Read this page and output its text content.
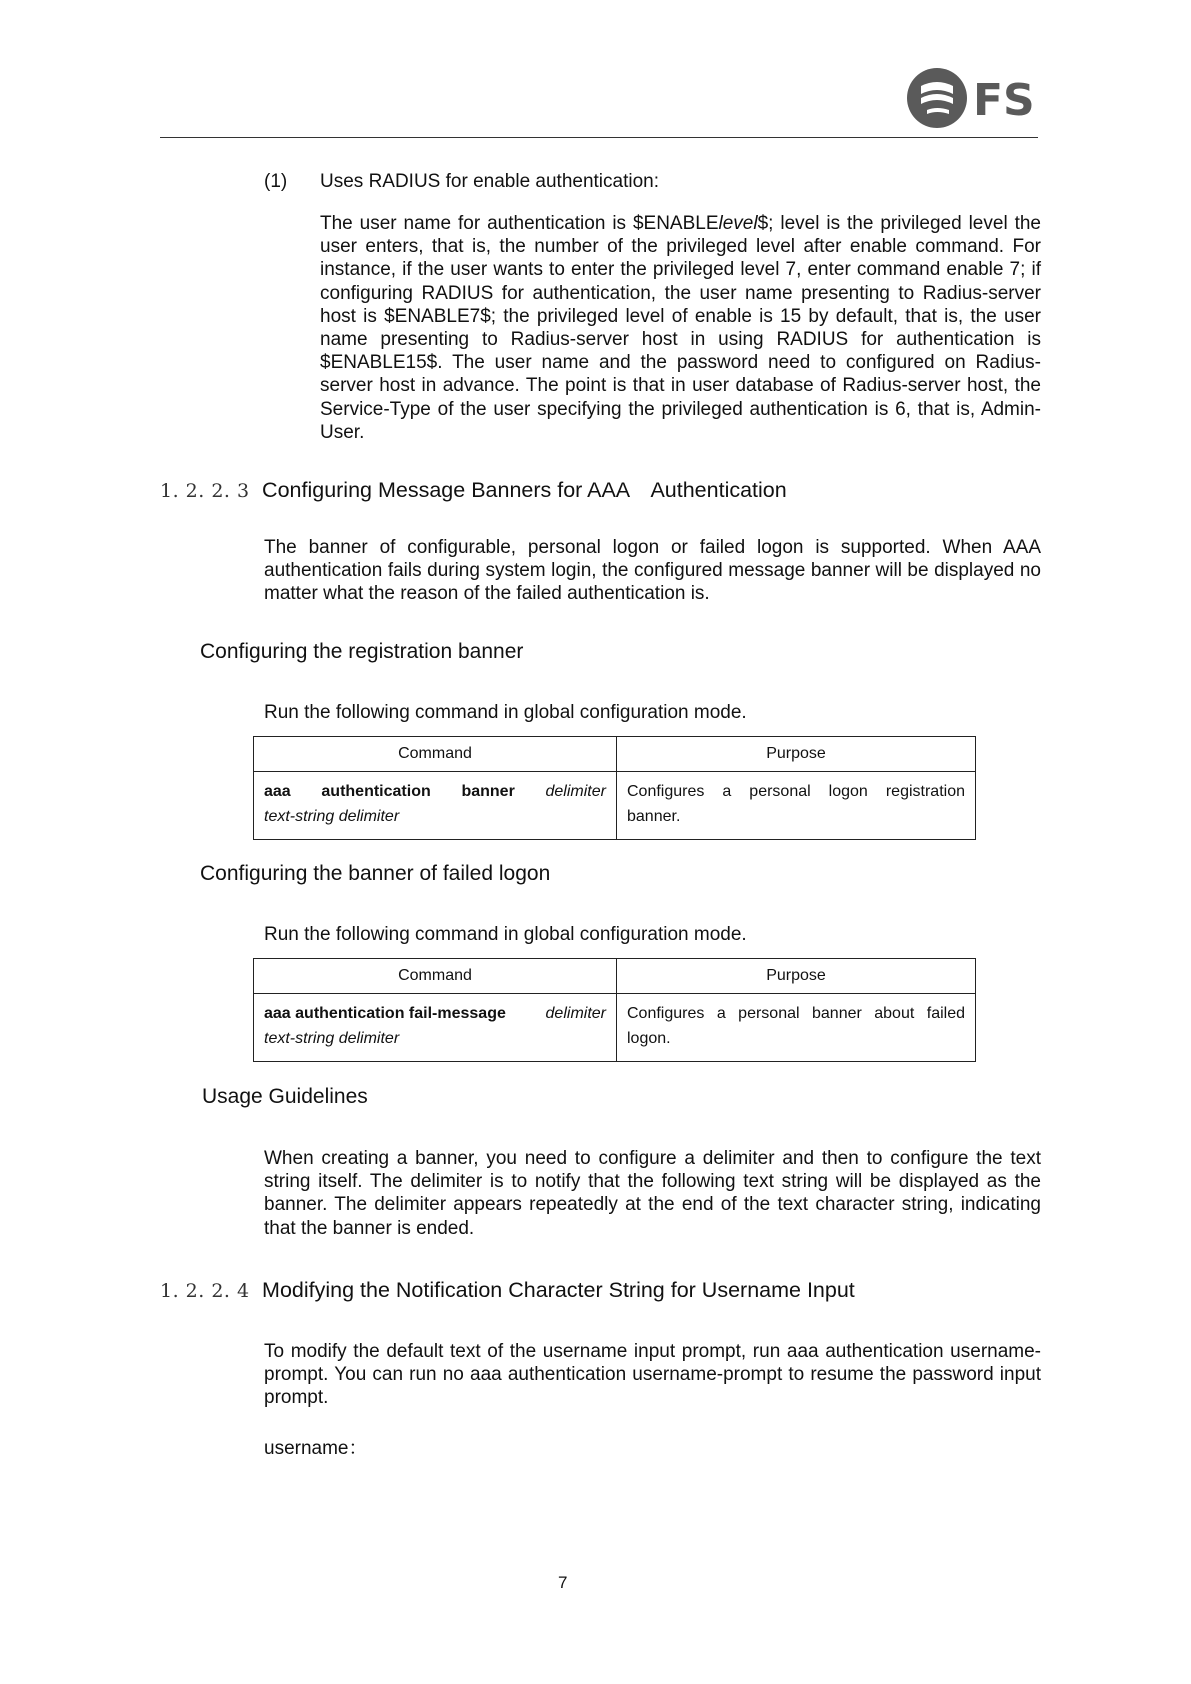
FS
(1) Uses RADIUS for enable authentication:

The user name for authentication is $ENABLElevel$; level is the privileged level the user enters, that is, the number of the privileged level after enable command. For instance, if the user wants to enter the privileged level 7, enter command enable 7; if configuring RADIUS for authentication, the user name presenting to Radius-server host is $ENABLE7$; the privileged level of enable is 15 by default, that is, the user name presenting to Radius-server host in using RADIUS for authentication is $ENABLE15$. The user name and the password need to configured on Radius-server host in advance. The point is that in user database of Radius-server host, the Service-Type of the user specifying the privileged authentication is 6, that is, Admin-User.

1. 2. 2. 3 Configuring Message Banners for AAA　Authentication

The banner of configurable, personal logon or failed logon is supported. When AAA authentication fails during system login, the configured message banner will be displayed no matter what the reason of the failed authentication is.

Configuring the registration banner
Run the following command in global configuration mode.
Command	Purpose

aaa authentication banner delimiter
text-string delimiter	Configures a personal logon registration banner.
Configuring the banner of failed logon
Run the following command in global configuration mode.
Command	Purpose

aaa authentication fail-message delimiter
text-string delimiter	Configures a personal banner about failed logon.
Usage Guidelines

When creating a banner, you need to configure a delimiter and then to configure the text string itself. The delimiter is to notify that the following text string will be displayed as the banner. The delimiter appears repeatedly at the end of the text character string, indicating that the banner is ended.

1. 2. 2. 4 Modifying the Notification Character String for Username Input

To modify the default text of the username input prompt, run aaa authentication username-prompt. You can run no aaa authentication username-prompt to resume the password input prompt.

username：
7
